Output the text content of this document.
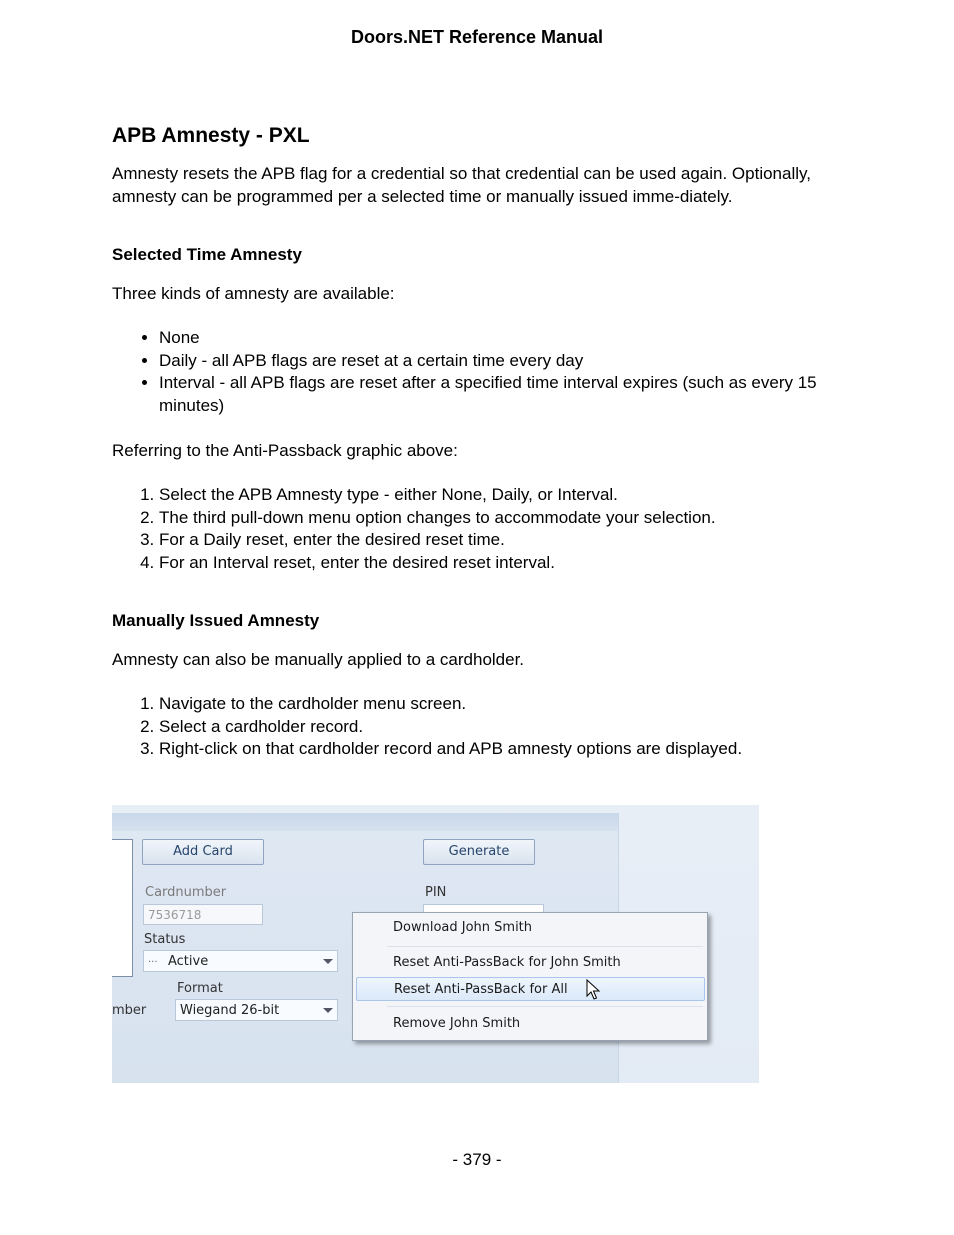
Doors.NET Reference Manual
APB Amnesty - PXL

Amnesty resets the APB flag for a credential so that credential can be used again. Optionally, amnesty can be programmed per a selected time or manually issued imme-diately.

Selected Time Amnesty

Three kinds of amnesty are available:

• None
• Daily - all APB flags are reset at a certain time every day
• Interval - all APB flags are reset after a specified time interval expires (such as every 15 minutes)

Referring to the Anti-Passback graphic above:

1. Select the APB Amnesty type - either None, Daily, or Interval.
2. The third pull-down menu option changes to accommodate your selection.
3. For a Daily reset, enter the desired reset time.
4. For an Interval reset, enter the desired reset interval.
Manually Issued Amnesty

Amnesty can also be manually applied to a cardholder.

1. Navigate to the cardholder menu screen.
2. Select a cardholder record.
3. Right-click on that cardholder record and APB amnesty options are displayed.
Add Card	Generate
Cardnumber
7536718
PIN
Status
... Active
Format
mber	Wiegand 26-bit
Download John Smith
Reset Anti-PassBack for John Smith
Reset Anti-PassBack for All
Remove John Smith
- 379 -
